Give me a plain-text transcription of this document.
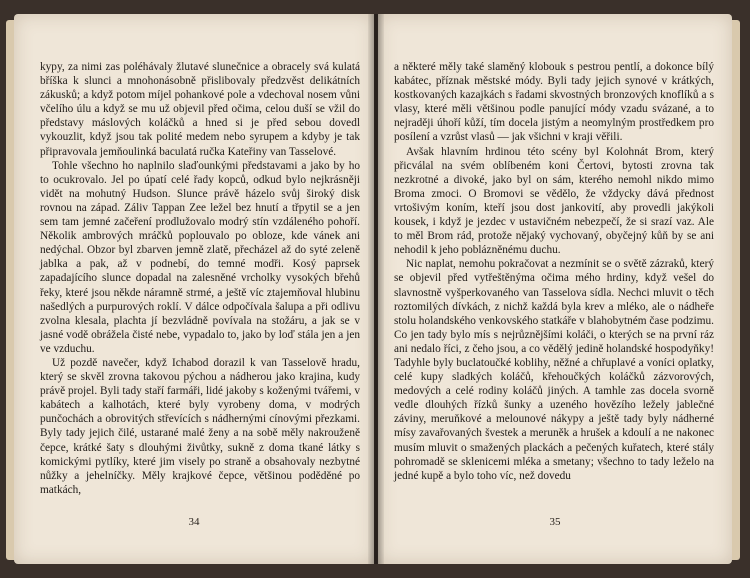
kypy, za nimi zas poléhávaly žlutavé slunečnice a obracely svá kulatá bříška k slunci a mnohonásobně přislibovaly předzvěst delikátních zákusků; a když potom míjel pohankové pole a vdechoval nosem vůni včelího úlu a když se mu už objevil před očima, celou duší se vžil do představy máslových koláčků a hned si je před sebou dovedl vykouzlit, když jsou tak polité medem nebo syrupem a kdyby je tak připravovala jemňoulinká baculatá ručka Kateřiny van Tasselové.

Tohle všechno ho naplnilo slaďounkými představami a jako by ho to ocukrovalo. Jel po úpatí celé řady kopců, odkud bylo nejkrásněji vidět na mohutný Hudson. Slunce právě házelo svůj široký disk rovnou na západ. Záliv Tappan Zee ležel bez hnutí a třpytil se a jen sem tam jemné začeření prodlužovalo modrý stín vzdáleného pohoří. Několik ambrových mráčků poplouvalo po obloze, kde vánek ani nedýchal. Obzor byl zbarven jemně zlatě, přecházel až do syté zeleně jablka a pak, až v podnebí, do temné modři. Kosý paprsek zapadajícího slunce dopadal na zalesněné vrcholky vysokých břehů řeky, které jsou někde náramně strmé, a ještě víc ztajemňoval hlubinu našedlých a purpurových roklí. V dálce odpočívala šalupa a při odlivu zvolna klesala, plachta jí bezvládně povívala na stožáru, a jak se v jasné vodě obrážela čisté nebe, vypadalo to, jako by loď stála jen a jen ve vzduchu.

Už pozdě navečer, když Ichabod dorazil k van Tasselově hradu, který se skvěl zrovna takovou pýchou a nádherou jako krajina, kudy právě projel. Byli tady staří farmáři, lidé jakoby s koženými tvářemi, v kabátech a kalhotách, které byly vyrobeny doma, v modrých punčochách a obrovitých střevících s nádhernými cínovými přezkami. Byly tady jejich čilé, ustarané malé ženy a na sobě měly nakrouženě čepce, krátké šaty s dlouhými živůtky, sukně z doma tkané látky s komickými pytlíky, které jim visely po straně a obsahovaly nezbytné nůžky a jehelníčky. Měly krajkové čepce, většinou poděděné po matkách,

34

a některé měly také slaměný klobouk s pestrou pentlí, a dokonce bílý kabátec, příznak městské módy. Byli tady jejich synové v krátkých, kostkovaných kazajkách s řadami skvostných bronzových knoflíků a s vlasy, které měli většinou podle panující módy vzadu svázané, a to nejraději úhoří kůží, tím docela jistým a neomylným prostředkem pro posílení a vzrůst vlasů — jak všichni v kraji věřili.

Avšak hlavním hrdinou této scény byl Kolohnát Brom, který přicválal na svém oblíbeném koni Čertovi, bytosti zrovna tak nezkrotné a divoké, jako byl on sám, kterého nemohl nikdo mimo Broma zmoci. O Bromovi se vědělo, že vždycky dává přednost vrtošivým koním, kteří jsou dost jankovití, aby provedli jakýkoli kousek, i když je jezdec v ustavičném nebezpečí, že si srazí vaz. Ale to měl Brom rád, protože nějaký vychovaný, obyčejný kůň by se ani nehodil k jeho poblázněnému duchu.

Nic naplat, nemohu pokračovat a nezmínit se o světě zázraků, který se objevil před vytřeštěnýma očima mého hrdiny, když vešel do slavnostně vyšperkovaného van Tasselova sídla. Nechci mluvit o těch roztomilých dívkách, z nichž každá byla krev a mléko, ale o nádheře stolu holandského venkovského statkáře v blahobytném čase podzimu. Co jen tady bylo mís s nejrůznějšími koláči, o kterých se na první ráz ani nedalo říci, z čeho jsou, a co vědělý jedině holandské hospodyňky! Tadyhle byly buclatoučké koblihy, něžné a chřuplavé a voníci oplatky, celé kupy sladkých koláčů, křehoučkých koláčků zázvorových, medových a celé rodiny koláčů jiných. A tamhle zas docela svorně vedle dlouhých řízků šunky a uzeného hovězího ležely jablečné záviny, meruňkové a melounové nákypy a ještě tady byly nádherné mísy zavařovaných švestek a meruněk a hrušek a kdoulí a ne nakonec musím mluvit o smažených plackách a pečených kuřatech, které stály pohromadě se sklenicemi mléka a smetany; všechno to tady leželo na jedné kupě a bylo toho víc, než dovedu

35
